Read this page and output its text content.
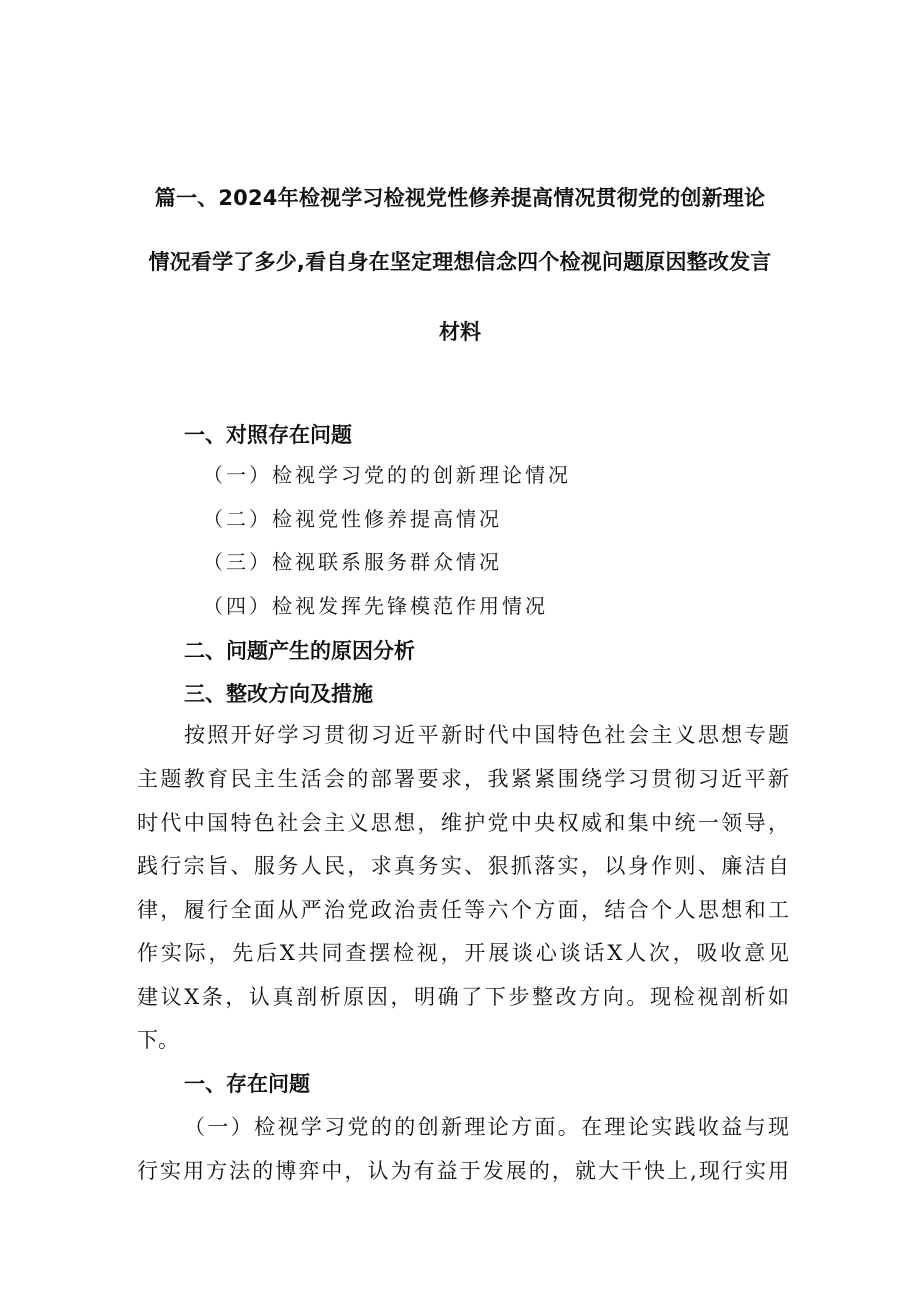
篇一、2024年检视学习检视党性修养提高情况贯彻党的创新理论
情况看学了多少,看自身在坚定理想信念四个检视问题原因整改发言
材料
一、对照存在问题
（一）检视学习党的的创新理论情况
（二）检视党性修养提高情况
（三）检视联系服务群众情况
（四）检视发挥先锋模范作用情况
二、问题产生的原因分析
三、整改方向及措施
按照开好学习贯彻习近平新时代中国特色社会主义思想专题
主题教育民主生活会的部署要求，我紧紧围绕学习贯彻习近平新
时代中国特色社会主义思想，维护党中央权威和集中统一领导，
践行宗旨、服务人民，求真务实、狠抓落实，以身作则、廉洁自
律，履行全面从严治党政治责任等六个方面，结合个人思想和工
作实际，先后X共同查摆检视，开展谈心谈话X人次，吸收意见
建议X条，认真剖析原因，明确了下步整改方向。现检视剖析如
下。
一、存在问题
（一）检视学习党的的创新理论方面。在理论实践收益与现
行实用方法的博弈中，认为有益于发展的，就大干快上,现行实用
